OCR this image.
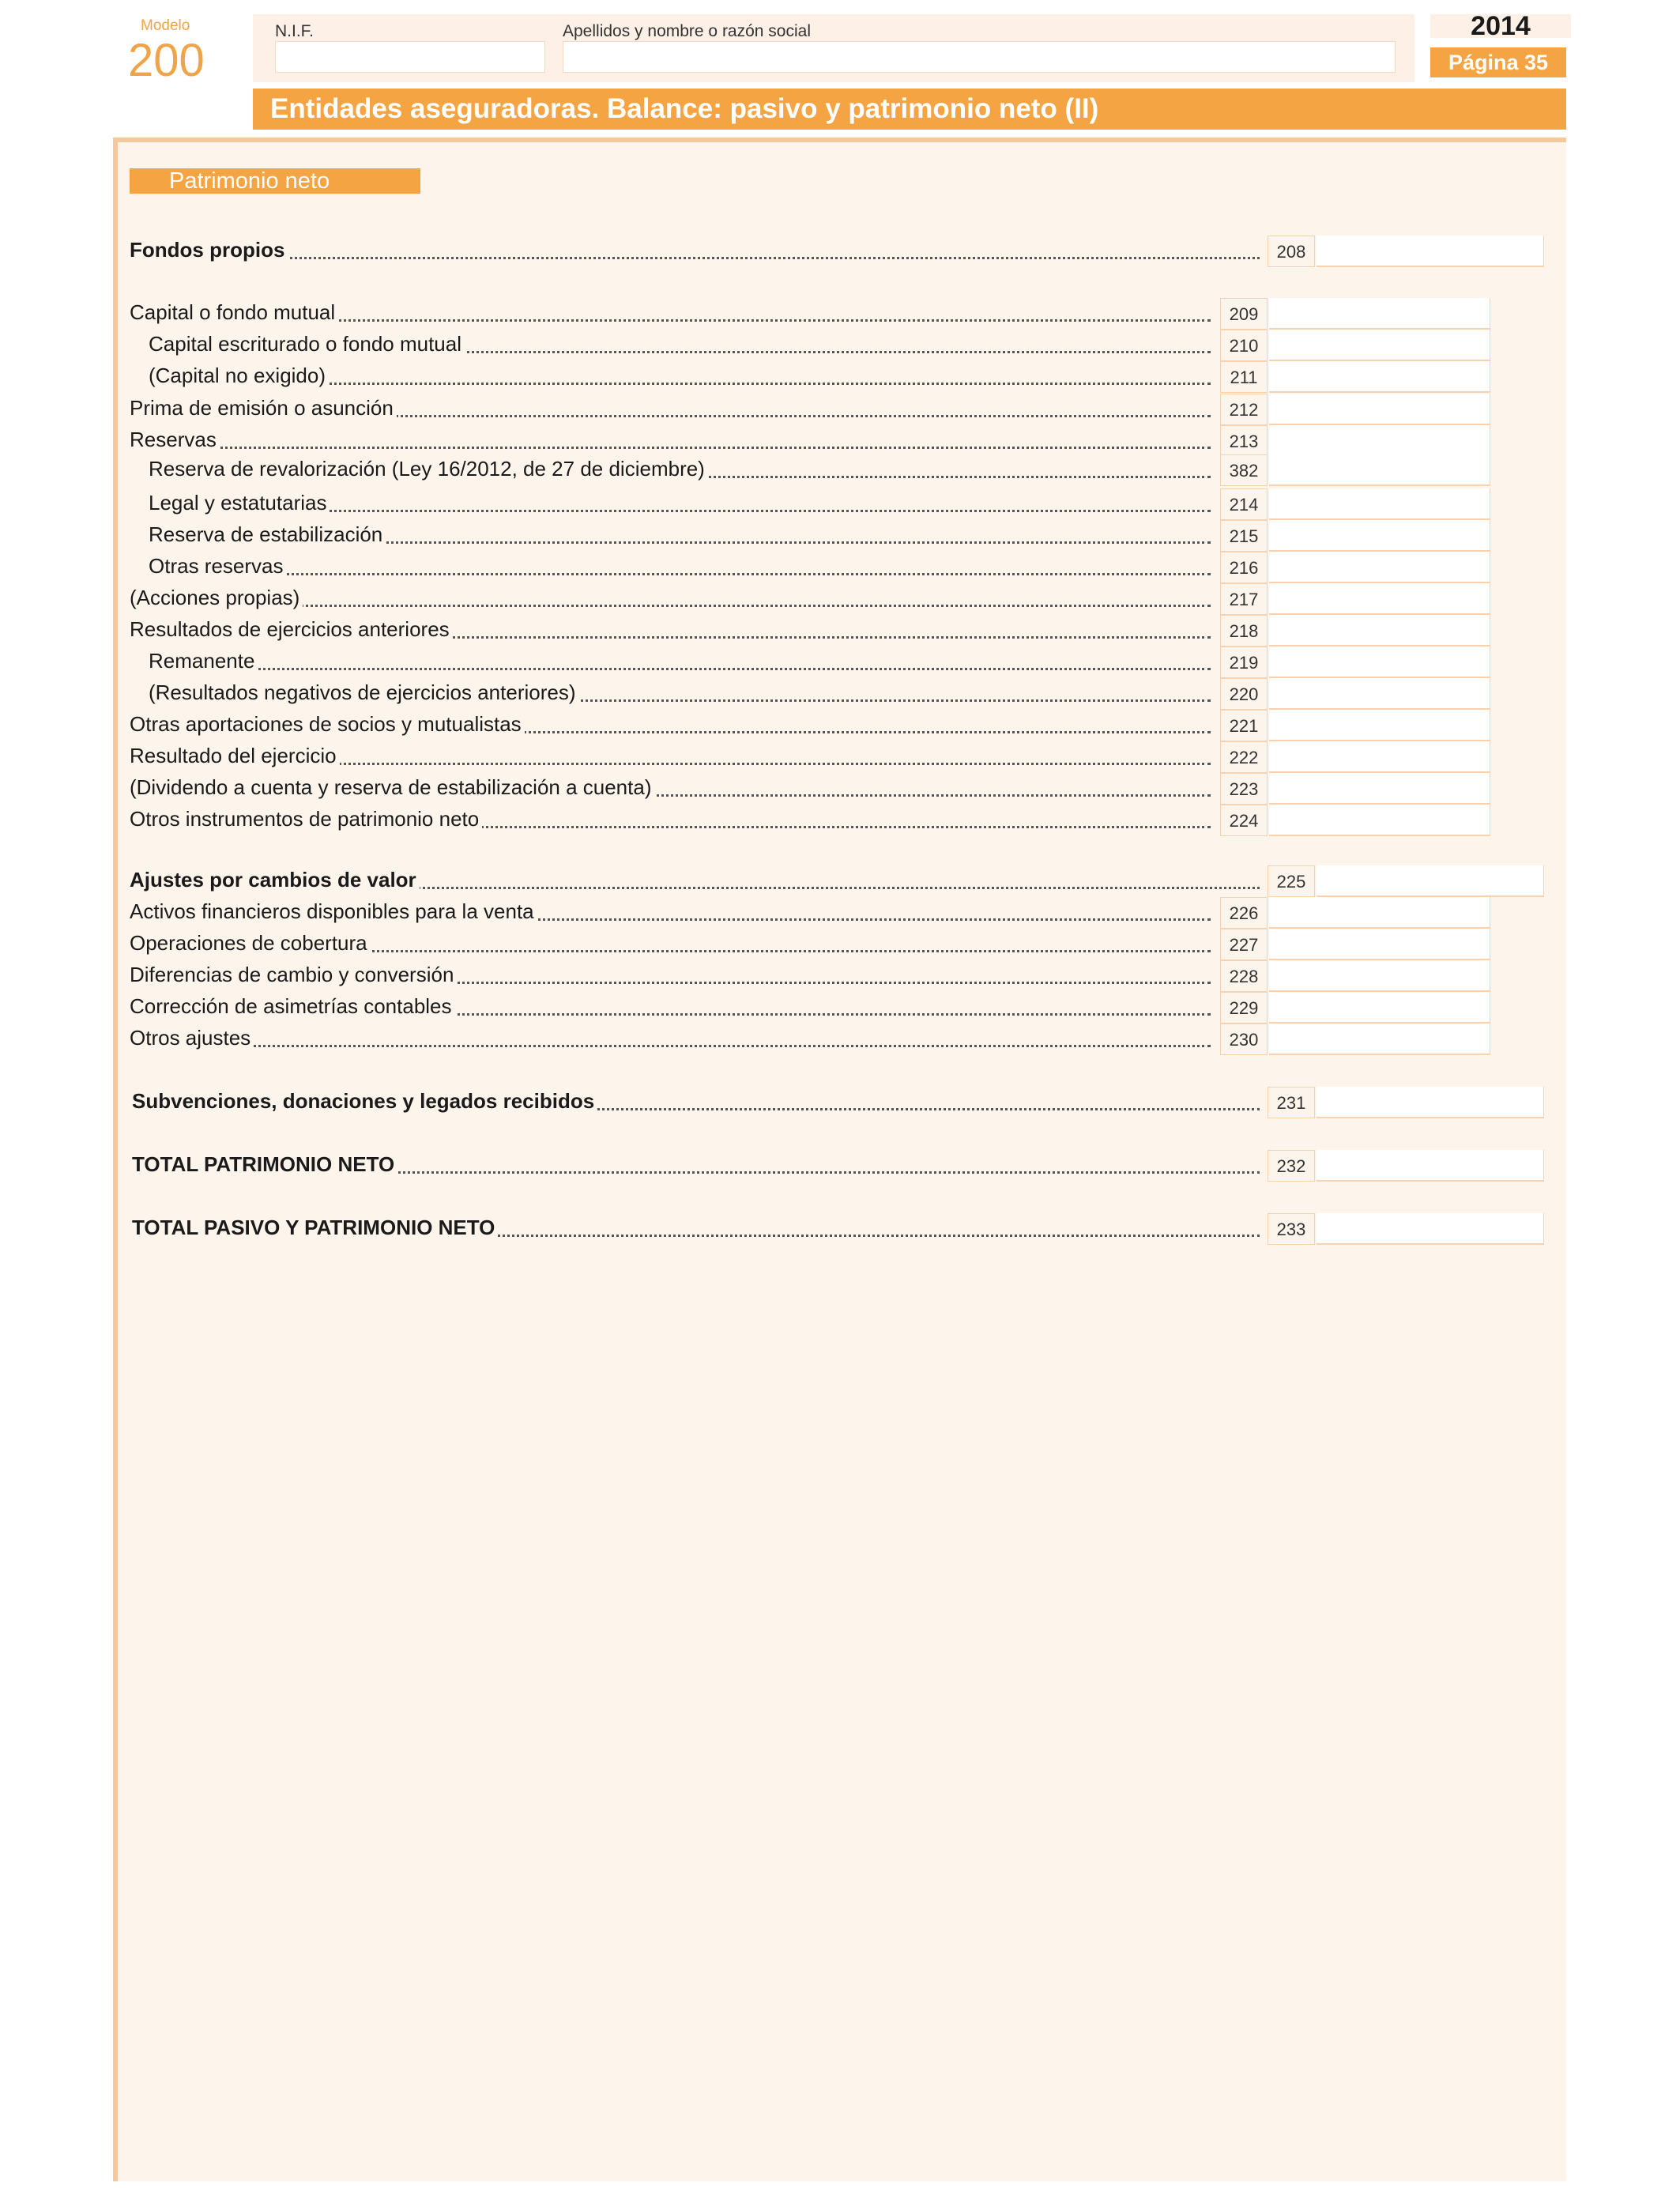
Modelo
200
N.I.F.	Apellidos y nombre o razón social	2014
Página 35
Entidades aseguradoras. Balance: pasivo y patrimonio neto (II)
Patrimonio neto
Fondos propios	208
Capital o fondo mutual	209
Capital escriturado o fondo mutual	210
(Capital no exigido)	211
Prima de emisión o asunción	212
Reservas	213
Reserva de revalorización (Ley 16/2012, de 27 de diciembre)	382
Legal y estatutarias	214
Reserva de estabilización	215
Otras reservas	216
(Acciones propias)	217
Resultados de ejercicios anteriores	218
Remanente	219
(Resultados negativos de ejercicios anteriores)	220
Otras aportaciones de socios y mutualistas	221
Resultado del ejercicio	222
(Dividendo a cuenta y reserva de estabilización a cuenta)	223
Otros instrumentos de patrimonio neto	224
Ajustes por cambios de valor	225
Activos financieros disponibles para la venta	226
Operaciones de cobertura	227
Diferencias de cambio y conversión	228
Corrección de asimetrías contables	229
Otros ajustes	230
Subvenciones, donaciones y legados recibidos	231
TOTAL PATRIMONIO NETO	232
TOTAL PASIVO Y PATRIMONIO NETO	233
